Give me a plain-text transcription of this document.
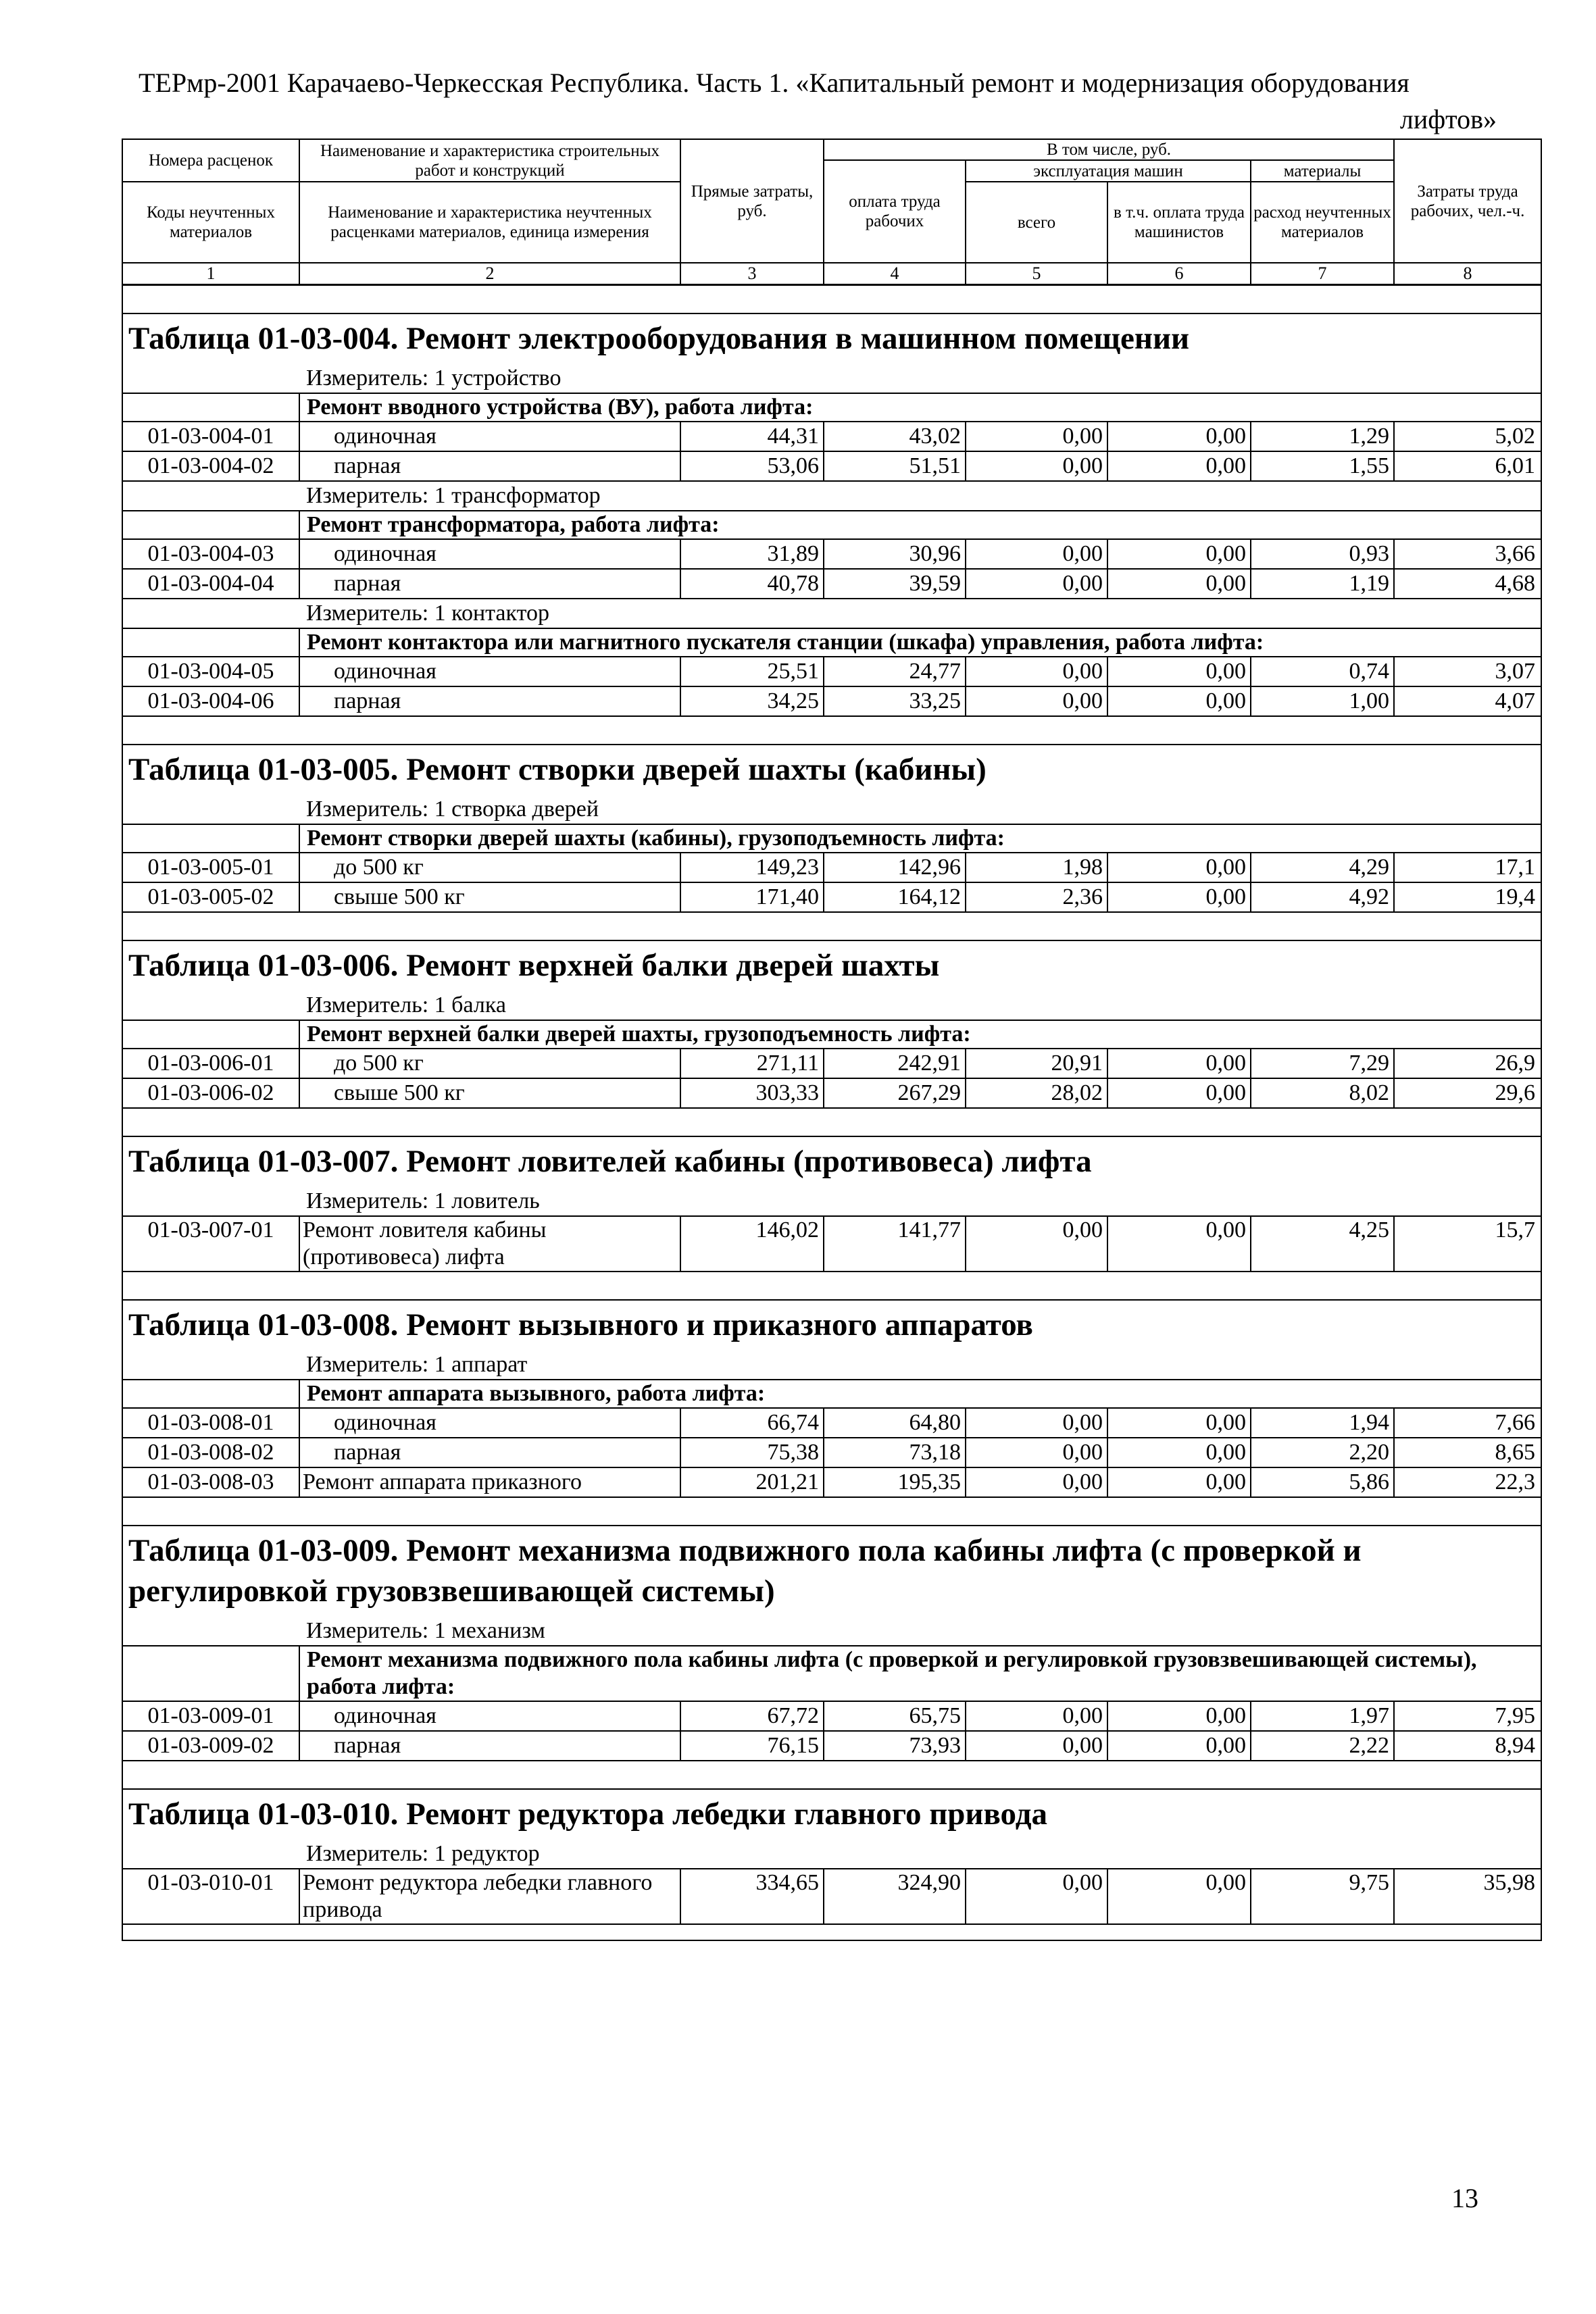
ТЕРмр-2001 Карачаево-Черкесская Республика. Часть 1. «Капитальный ремонт и модернизация оборудования
лифтов»
Номера расценок	Наименование и характеристика строительных работ и конструкций	Прямые затраты, руб.	В том числе, руб.				Затраты труда рабочих, чел.-ч.
			оплата труда рабочих	эксплуатация машин		материалы	
Коды неучтенных материалов	Наименование и характеристика неучтенных расценками материалов, единица измерения			всего	в т.ч. оплата труда машинистов	расход неучтенных материалов	

1	2	3	4	5	6	7	8

Таблица 01-03-004. Ремонт электрооборудования в машинном помещении							
	Измеритель: 1 устройство						
	Ремонт вводного устройства (ВУ), работа лифта:						
01-03-004-01	одиночная	44,31	43,02	0,00	0,00	1,29	5,02
01-03-004-02	парная	53,06	51,51	0,00	0,00	1,55	6,01
	Измеритель: 1 трансформатор						
	Ремонт трансформатора, работа лифта:						
01-03-004-03	одиночная	31,89	30,96	0,00	0,00	0,93	3,66
01-03-004-04	парная	40,78	39,59	0,00	0,00	1,19	4,68
	Измеритель: 1 контактор						
	Ремонт контактора или магнитного пускателя станции (шкафа) управления, работа лифта:						
01-03-004-05	одиночная	25,51	24,77	0,00	0,00	0,74	3,07
01-03-004-06	парная	34,25	33,25	0,00	0,00	1,00	4,07

Таблица 01-03-005. Ремонт створки дверей шахты (кабины)							
	Измеритель: 1 створка дверей						
	Ремонт створки дверей шахты (кабины), грузоподъемность лифта:						
01-03-005-01	до 500 кг	149,23	142,96	1,98	0,00	4,29	17,1
01-03-005-02	свыше 500 кг	171,40	164,12	2,36	0,00	4,92	19,4

Таблица 01-03-006. Ремонт верхней балки дверей шахты							
	Измеритель: 1 балка						
	Ремонт верхней балки дверей шахты, грузоподъемность лифта:						
01-03-006-01	до 500 кг	271,11	242,91	20,91	0,00	7,29	26,9
01-03-006-02	свыше 500 кг	303,33	267,29	28,02	0,00	8,02	29,6

Таблица 01-03-007. Ремонт ловителей кабины (противовеса) лифта							
	Измеритель: 1 ловитель						
01-03-007-01	Ремонт ловителя кабины (противовеса) лифта	146,02	141,77	0,00	0,00	4,25	15,7

Таблица 01-03-008. Ремонт вызывного и приказного аппаратов							
	Измеритель: 1 аппарат						
	Ремонт аппарата вызывного, работа лифта:						
01-03-008-01	одиночная	66,74	64,80	0,00	0,00	1,94	7,66
01-03-008-02	парная	75,38	73,18	0,00	0,00	2,20	8,65
01-03-008-03	Ремонт аппарата приказного	201,21	195,35	0,00	0,00	5,86	22,3

Таблица 01-03-009. Ремонт механизма подвижного пола кабины лифта (с проверкой и регулировкой грузовзвешивающей системы)							
	Измеритель: 1 механизм						
	Ремонт механизма подвижного пола кабины лифта (с проверкой и регулировкой грузовзвешивающей системы), работа лифта:						
01-03-009-01	одиночная	67,72	65,75	0,00	0,00	1,97	7,95
01-03-009-02	парная	76,15	73,93	0,00	0,00	2,22	8,94

Таблица 01-03-010. Ремонт редуктора лебедки главного привода							
	Измеритель: 1 редуктор						
01-03-010-01	Ремонт редуктора лебедки главного привода	334,65	324,90	0,00	0,00	9,75	35,98

13
